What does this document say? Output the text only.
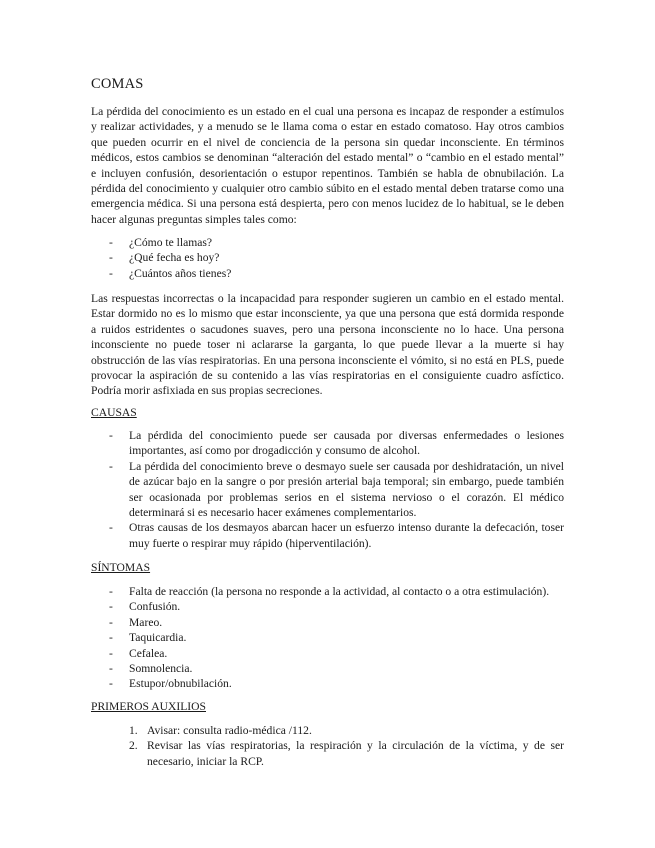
COMAS

La pérdida del conocimiento es un estado en el cual una persona es incapaz de responder a estímulos y realizar actividades, y a menudo se le llama coma o estar en estado comatoso. Hay otros cambios que pueden ocurrir en el nivel de conciencia de la persona sin quedar inconsciente. En términos médicos, estos cambios se denominan “alteración del estado mental” o “cambio en el estado mental” e incluyen confusión, desorientación o estupor repentinos. También se habla de obnubilación. La pérdida del conocimiento y cualquier otro cambio súbito en el estado mental deben tratarse como una emergencia médica. Si una persona está despierta, pero con menos lucidez de lo habitual, se le deben hacer algunas preguntas simples tales como:

- ¿Cómo te llamas?
- ¿Qué fecha es hoy?
- ¿Cuántos años tienes?

Las respuestas incorrectas o la incapacidad para responder sugieren un cambio en el estado mental. Estar dormido no es lo mismo que estar inconsciente, ya que una persona que está dormida responde a ruidos estridentes o sacudones suaves, pero una persona inconsciente no lo hace. Una persona inconsciente no puede toser ni aclararse la garganta, lo que puede llevar a la muerte si hay obstrucción de las vías respiratorias. En una persona inconsciente el vómito, si no está en PLS, puede provocar la aspiración de su contenido a las vías respiratorias en el consiguiente cuadro asfíctico. Podría morir asfixiada en sus propias secreciones.

CAUSAS
- La pérdida del conocimiento puede ser causada por diversas enfermedades o lesiones importantes, así como por drogadicción y consumo de alcohol.
- La pérdida del conocimiento breve o desmayo suele ser causada por deshidratación, un nivel de azúcar bajo en la sangre o por presión arterial baja temporal; sin embargo, puede también ser ocasionada por problemas serios en el sistema nervioso o el corazón. El médico determinará si es necesario hacer exámenes complementarios.
- Otras causas de los desmayos abarcan hacer un esfuerzo intenso durante la defecación, toser muy fuerte o respirar muy rápido (hiperventilación).
SÍNTOMAS
- Falta de reacción (la persona no responde a la actividad, al contacto o a otra estimulación).
- Confusión.
- Mareo.
- Taquicardia.
- Cefalea.
- Somnolencia.
- Estupor/obnubilación.
PRIMEROS AUXILIOS
1. Avisar: consulta radio-médica /112.
2. Revisar las vías respiratorias, la respiración y la circulación de la víctima, y de ser necesario, iniciar la RCP.
